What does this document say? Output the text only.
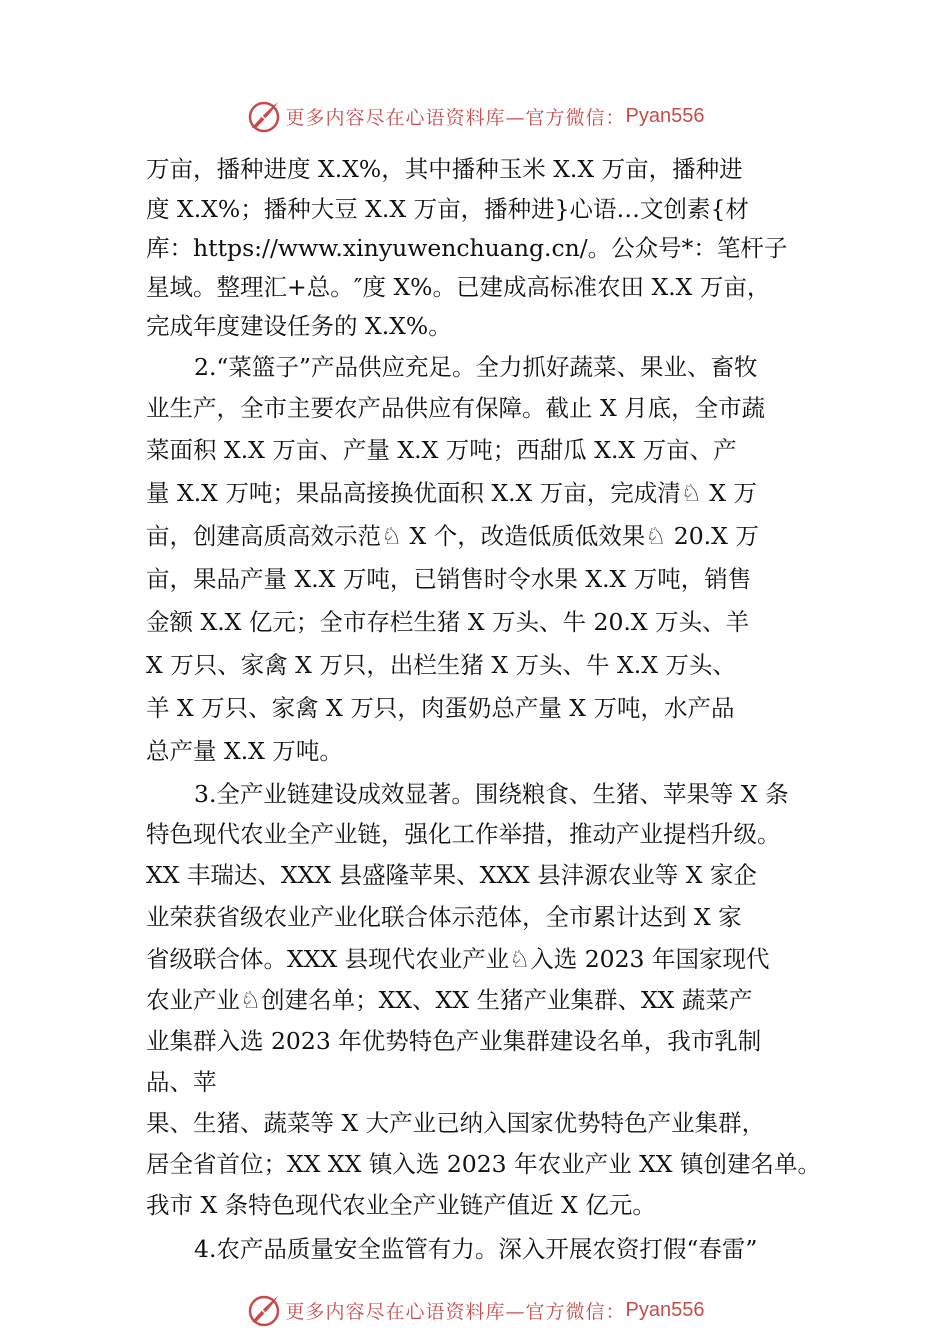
更多内容尽在心语资料库—官方微信： Pyan556
万亩，播种进度 X.X%，其中播种玉米 X.X 万亩，播种进
度 X.X%；播种大豆 X.X 万亩，播种进}心语…文创素{材
库：https://www.xinyuwenchuang.cn/。公众号*：笔杆子
星域。整理汇+总。″度 X%。已建成高标准农田 X.X 万亩，
完成年度建设任务的 X.X%。
2.“菜篮子”产品供应充足。全力抓好蔬菜、果业、畜牧
业生产，全市主要农产品供应有保障。截止 X 月底，全市蔬
菜面积 X.X 万亩、产量 X.X 万吨；西甜瓜 X.X 万亩、产
量 X.X 万吨；果品高接换优面积 X.X 万亩，完成清♘ X 万
亩，创建高质高效示范♘ X 个，改造低质低效果♘ 20.X 万
亩，果品产量 X.X 万吨，已销售时令水果 X.X 万吨，销售
金额 X.X 亿元；全市存栏生猪 X 万头、牛 20.X 万头、羊
X 万只、家禽 X 万只，出栏生猪 X 万头、牛 X.X 万头、
羊 X 万只、家禽 X 万只，肉蛋奶总产量 X 万吨，水产品
总产量 X.X 万吨。
3.全产业链建设成效显著。围绕粮食、生猪、苹果等 X 条
特色现代农业全产业链，强化工作举措，推动产业提档升级。
XX 丰瑞达、XXX 县盛隆苹果、XXX 县沣源农业等 X 家企
业荣获省级农业产业化联合体示范体，全市累计达到 X 家
省级联合体。XXX 县现代农业产业♘入选 2023 年国家现代
农业产业♘创建名单；XX、XX 生猪产业集群、XX 蔬菜产
业集群入选 2023 年优势特色产业集群建设名单，我市乳制
品、苹
果、生猪、蔬菜等 X 大产业已纳入国家优势特色产业集群，
居全省首位；XX XX 镇入选 2023 年农业产业 XX 镇创建名单。
我市 X 条特色现代农业全产业链产值近 X 亿元。
4.农产品质量安全监管有力。深入开展农资打假“春雷”
更多内容尽在心语资料库—官方微信： Pyan556
